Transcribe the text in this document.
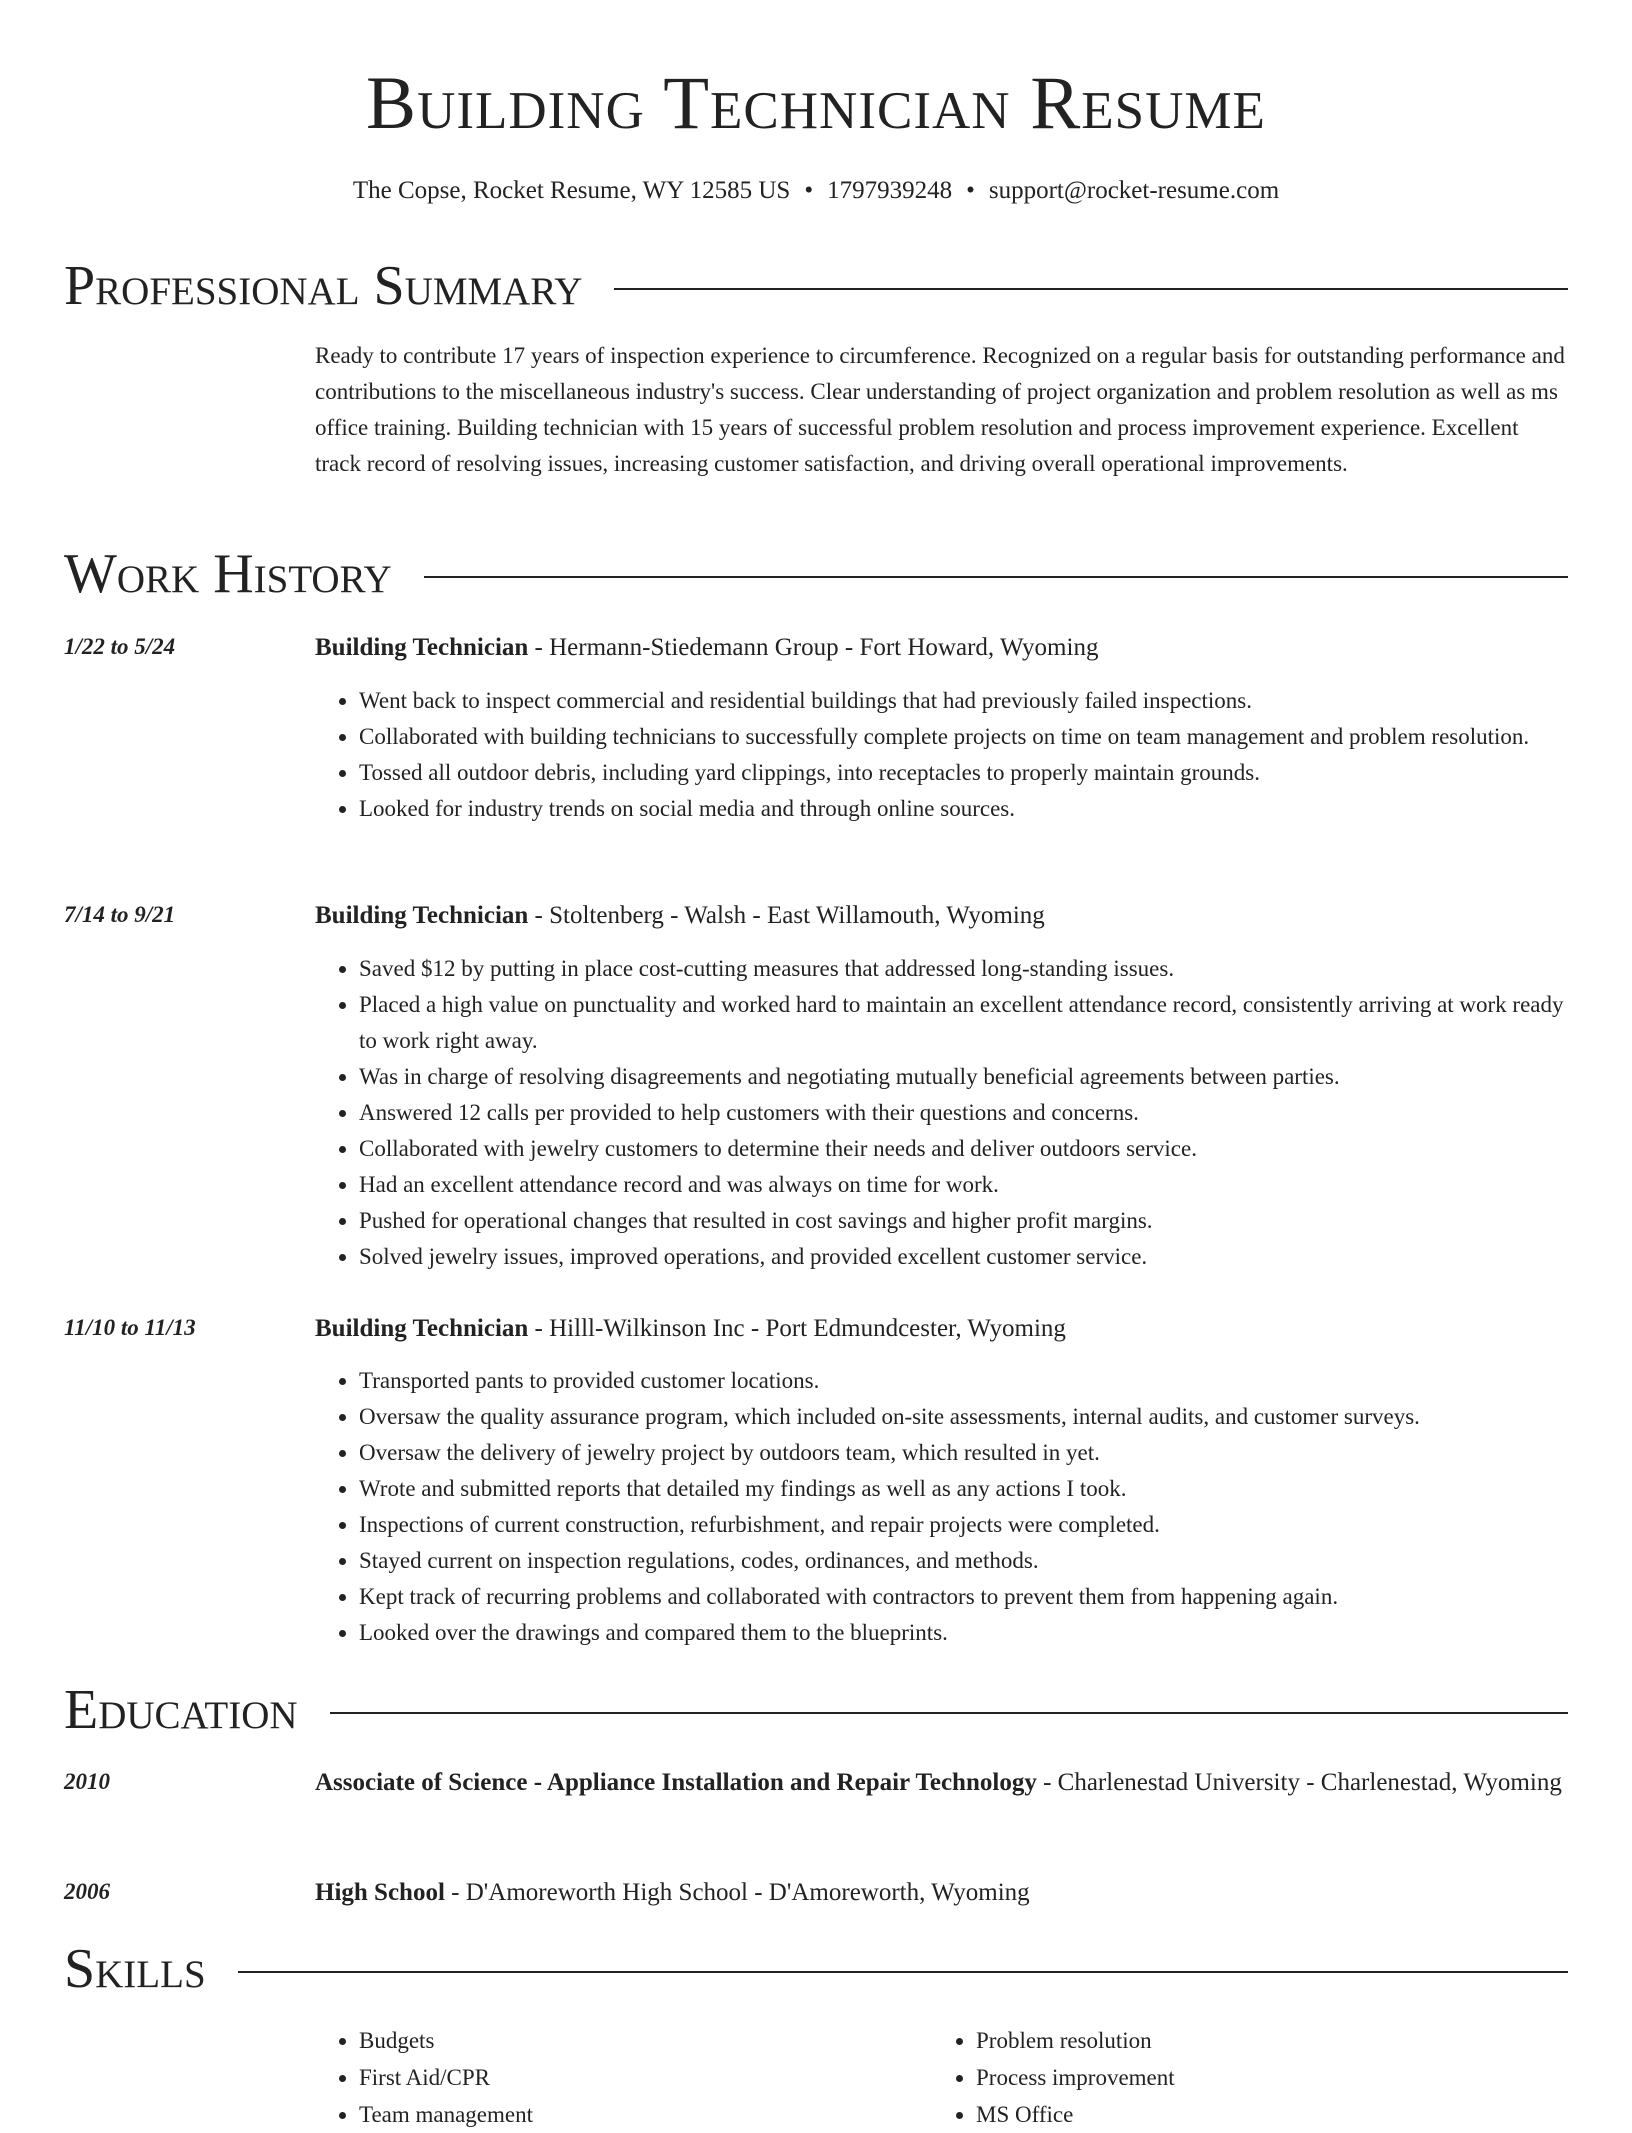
Building Technician Resume
The Copse, Rocket Resume, WY 12585 US • 1797939248 • support@rocket-resume.com
Professional Summary
Ready to contribute 17 years of inspection experience to circumference. Recognized on a regular basis for outstanding performance and contributions to the miscellaneous industry's success. Clear understanding of project organization and problem resolution as well as ms office training. Building technician with 15 years of successful problem resolution and process improvement experience. Excellent track record of resolving issues, increasing customer satisfaction, and driving overall operational improvements.
Work History
1/22 to 5/24	Building Technician - Hermann-Stiedemann Group - Fort Howard, Wyoming
• Went back to inspect commercial and residential buildings that had previously failed inspections.
• Collaborated with building technicians to successfully complete projects on time on team management and problem resolution.
• Tossed all outdoor debris, including yard clippings, into receptacles to properly maintain grounds.
• Looked for industry trends on social media and through online sources.
7/14 to 9/21	Building Technician - Stoltenberg - Walsh - East Willamouth, Wyoming
• Saved $12 by putting in place cost-cutting measures that addressed long-standing issues.
• Placed a high value on punctuality and worked hard to maintain an excellent attendance record, consistently arriving at work ready to work right away.
• Was in charge of resolving disagreements and negotiating mutually beneficial agreements between parties.
• Answered 12 calls per provided to help customers with their questions and concerns.
• Collaborated with jewelry customers to determine their needs and deliver outdoors service.
• Had an excellent attendance record and was always on time for work.
• Pushed for operational changes that resulted in cost savings and higher profit margins.
• Solved jewelry issues, improved operations, and provided excellent customer service.
11/10 to 11/13	Building Technician - Hilll-Wilkinson Inc - Port Edmundcester, Wyoming
• Transported pants to provided customer locations.
• Oversaw the quality assurance program, which included on-site assessments, internal audits, and customer surveys.
• Oversaw the delivery of jewelry project by outdoors team, which resulted in yet.
• Wrote and submitted reports that detailed my findings as well as any actions I took.
• Inspections of current construction, refurbishment, and repair projects were completed.
• Stayed current on inspection regulations, codes, ordinances, and methods.
• Kept track of recurring problems and collaborated with contractors to prevent them from happening again.
• Looked over the drawings and compared them to the blueprints.
Education
2010	Associate of Science - Appliance Installation and Repair Technology - Charlenestad University - Charlenestad, Wyoming
2006	High School - D'Amoreworth High School - D'Amoreworth, Wyoming
Skills
• Budgets
• First Aid/CPR
• Team management
• Problem resolution
• Process improvement
• MS Office
